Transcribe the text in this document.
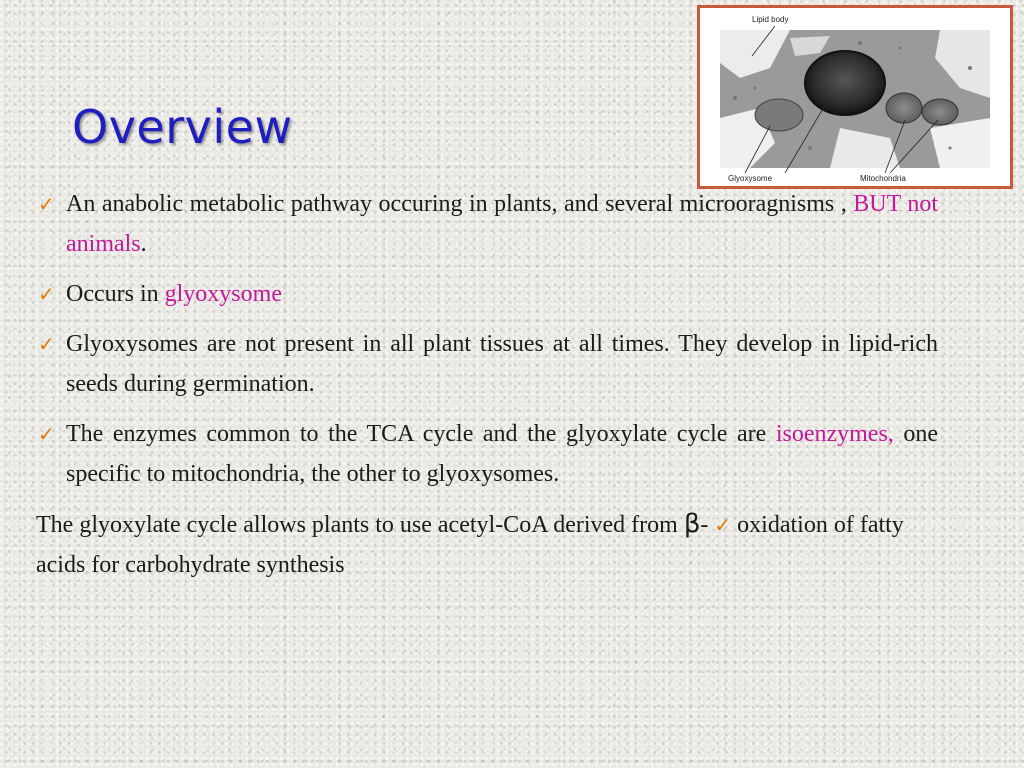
Overview
Lipid body
Glyoxysome	Mitochondria
✓ An anabolic metabolic pathway occuring in plants, and several microoragnisms , BUT not animals.
✓ Occurs in glyoxysome
✓ Glyoxysomes are not present in all plant tissues at all times. They develop in lipid-rich seeds during germination.
✓ The enzymes common to the TCA cycle and the glyoxylate cycle are isoenzymes, one specific to mitochondria, the other to glyoxysomes.

The glyoxylate cycle allows plants to use acetyl-CoA derived from β- ✓ oxidation of fatty acids for carbohydrate synthesis
